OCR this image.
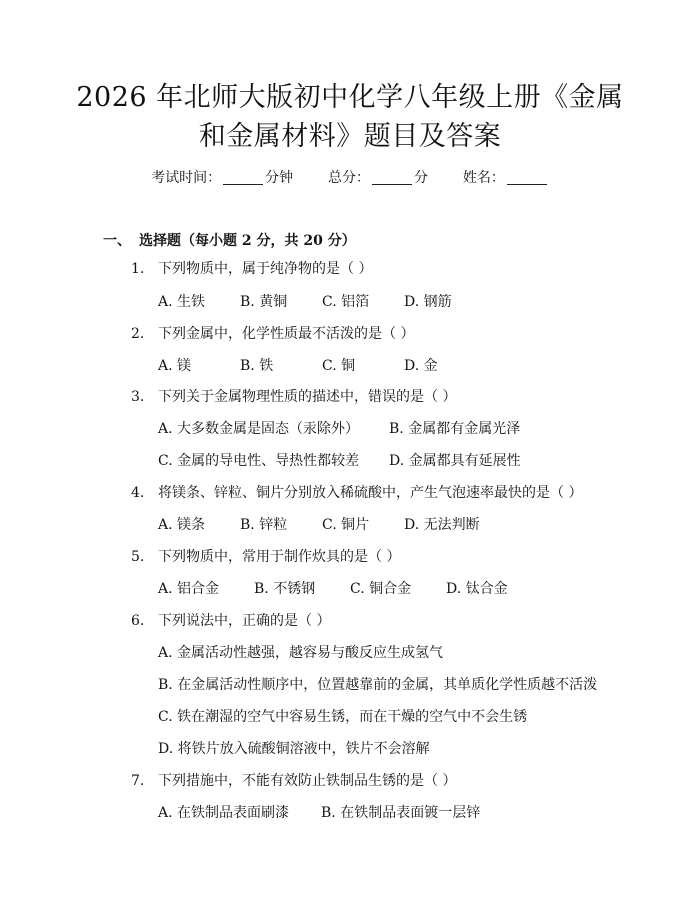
2026 年北师大版初中化学八年级上册《金属
和金属材料》题目及答案
考试时间：	分钟 总分：	分 姓名：
一、 选择题（每小题 2 分，共 20 分）
1. 下列物质中，属于纯净物的是（ ）
A. 生铁 B. 黄铜 C. 铝箔 D. 钢筋
2. 下列金属中，化学性质最不活泼的是（ ）
A. 镁	B. 铁	C. 铜	D. 金
3. 下列关于金属物理性质的描述中，错误的是（ ）
A. 大多数金属是固态（汞除外） B. 金属都有金属光泽
C. 金属的导电性、导热性都较差 D. 金属都具有延展性
4. 将镁条、锌粒、铜片分别放入稀硫酸中，产生气泡速率最快的是（ ）
A. 镁条 B. 锌粒 C. 铜片 D. 无法判断
5. 下列物质中，常用于制作炊具的是（ ）
A. 铝合金 B. 不锈钢 C. 铜合金 D. 钛合金
6. 下列说法中，正确的是（ ）
A. 金属活动性越强，越容易与酸反应生成氢气
B. 在金属活动性顺序中，位置越靠前的金属，其单质化学性质越不活泼
C. 铁在潮湿的空气中容易生锈，而在干燥的空气中不会生锈
D. 将铁片放入硫酸铜溶液中，铁片不会溶解
7. 下列措施中，不能有效防止铁制品生锈的是（ ）
A. 在铁制品表面刷漆 B. 在铁制品表面镀一层锌
